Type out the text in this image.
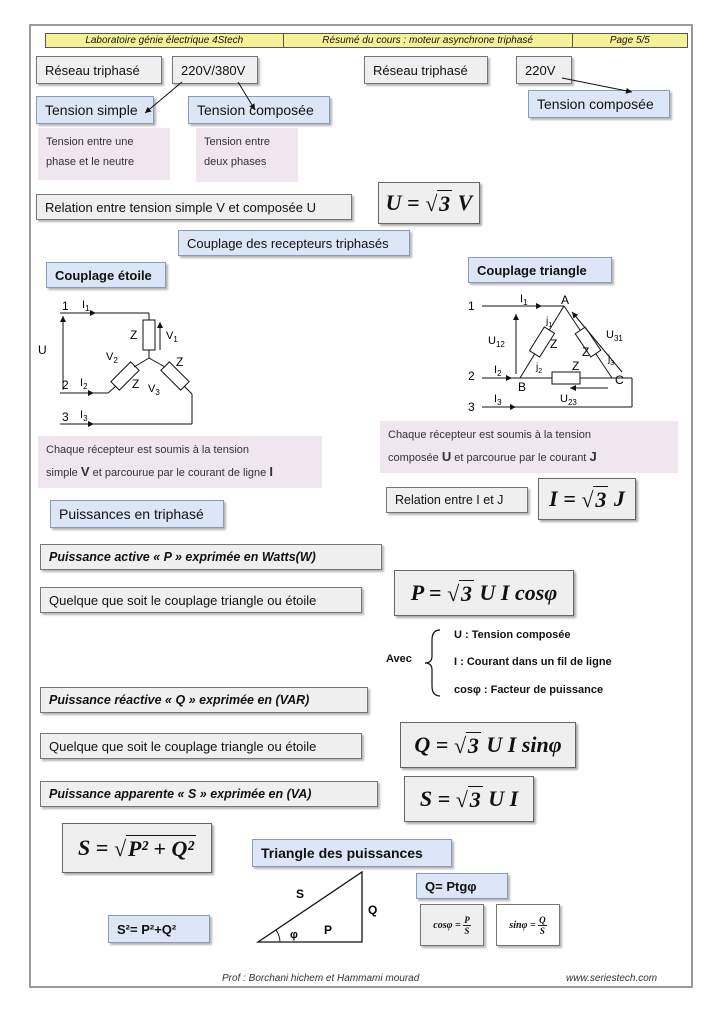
Laboratoire génie électrique 4Stech	Résumé du cours : moteur asynchrone triphasé	Page 5/5
Réseau triphasé	220V/380V
Tension simple	Tension composée
Tension entre une
phase et le neutre
Tension entre
deux phases
Réseau triphasé	220V
Tension composée
Relation entre tension simple V et composée U	U =
√ 3
V
Couplage des recepteurs triphasés
Couplage étoile
1 $I_1$
2 $I_2$
3 $I_3$
U
Z	$V_1$
$V_2$
Z
Z
$V_3$
Chaque récepteur est soumis à la tension
simple V et parcourue par le courant de ligne I
Couplage triangle
1	$I_1$
2 $I_2$
3
$I_3$
A
B	C
$U_{12}$
$U_{23}$
$U_{31}$
$j_1$
$j_2$
$j_3$
Z
Z
Z
Chaque récepteur est soumis à la tension
composée U et parcourue par le courant J
Relation entre I et J	I =
√ 3
J
Puissances en triphasé
Puissance active « P » exprimée en Watts(W)
Quelque que soit le couplage triangle ou étoile	P =
√ 3
U I cosφ
Avec
U : Tension composée
I : Courant dans un fil de ligne
cosφ : Facteur de puissance
Puissance réactive « Q » exprimée en (VAR)
Quelque que soit le couplage triangle ou étoile	Q =
√ 3
U I sinφ
Puissance apparente « S » exprimée en (VA)	S =
√ 3
U I
S =
√ P² + Q²	Triangle des puissances
S
Q
P
φ
Q= Ptgφ
cosφ =
$\frac{P}{S}$	sinφ =
$\frac{Q}{S}$
S²= P²+Q²
Prof : Borchani hichem et Hammami mourad	www.seriestech.com
